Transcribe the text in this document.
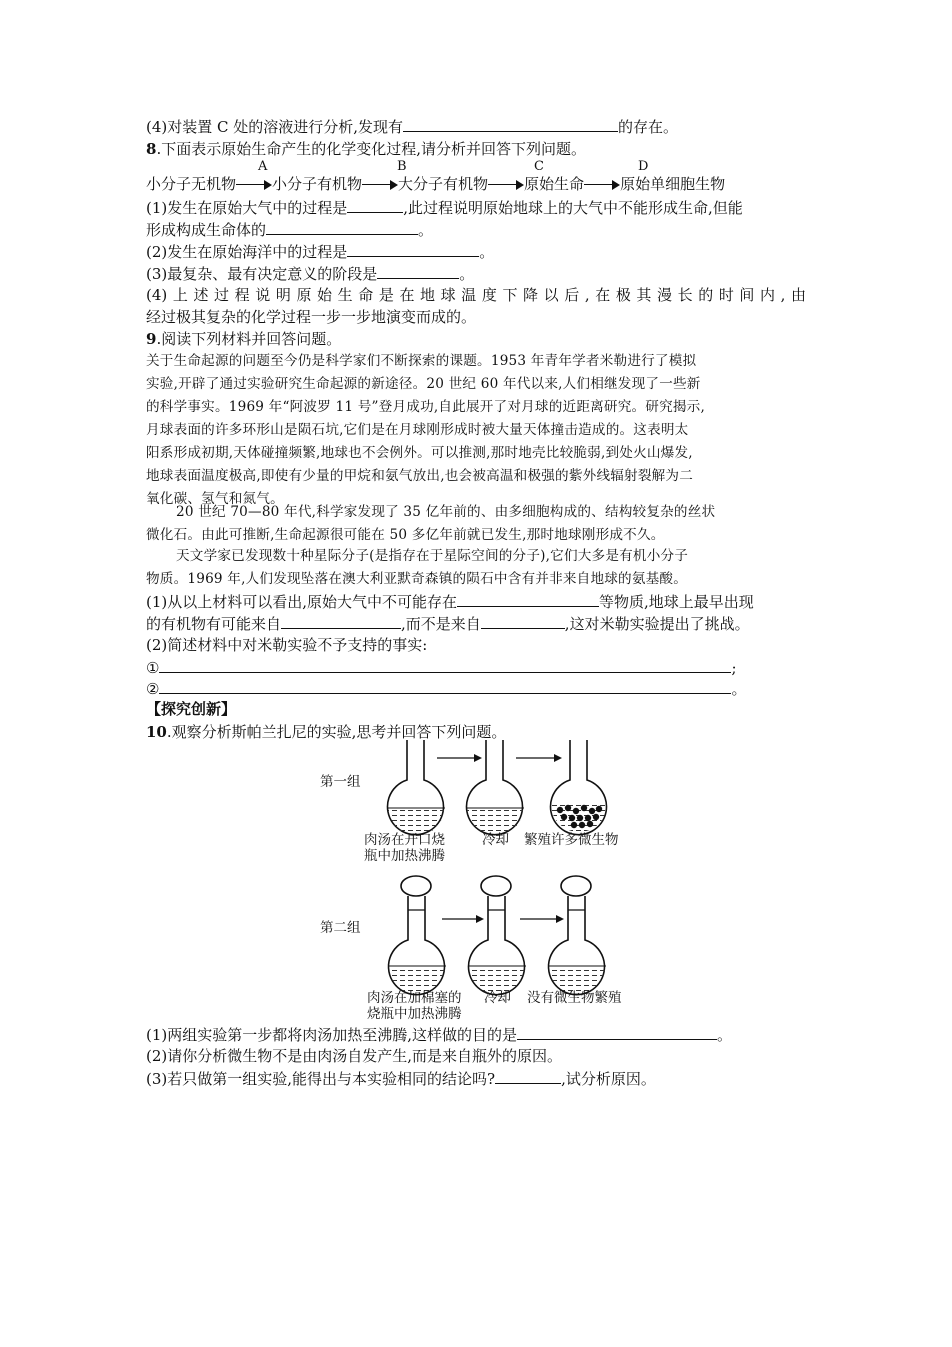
(4)对装置 C 处的溶液进行分析,发现有	的存在。
8.下面表示原始生命产生的化学变化过程,请分析并回答下列问题。
A	B	C	D
小分子无机物 小分子有机物 大分子有机物 原始生命 原始单细胞生物
(1)发生在原始大气中的过程是	,此过程说明原始地球上的大气中不能形成生命,但能
形成构成生命体的	。
(2)发生在原始海洋中的过程是	。
(3)最复杂、最有决定意义的阶段是	。
(4)上述过程说明原始生命是在地球温度下降以后,在极其漫长的时间内,由
经过极其复杂的化学过程一步一步地演变而成的。
9.阅读下列材料并回答问题。
关于生命起源的问题至今仍是科学家们不断探索的课题。1953 年青年学者米勒进行了模拟
实验,开辟了通过实验研究生命起源的新途径。20 世纪 60 年代以来,人们相继发现了一些新
的科学事实。1969 年“阿波罗 11 号”登月成功,自此展开了对月球的近距离研究。研究揭示,
月球表面的许多环形山是陨石坑,它们是在月球刚形成时被大量天体撞击造成的。这表明太
阳系形成初期,天体碰撞频繁,地球也不会例外。可以推测,那时地壳比较脆弱,到处火山爆发,
地球表面温度极高,即使有少量的甲烷和氨气放出,也会被高温和极强的紫外线辐射裂解为二
氧化碳、氢气和氮气。
20 世纪 70—80 年代,科学家发现了 35 亿年前的、由多细胞构成的、结构较复杂的丝状
微化石。由此可推断,生命起源很可能在 50 多亿年前就已发生,那时地球刚形成不久。
天文学家已发现数十种星际分子(是指存在于星际空间的分子),它们大多是有机小分子
物质。1969 年,人们发现坠落在澳大利亚默奇森镇的陨石中含有并非来自地球的氨基酸。
(1)从以上材料可以看出,原始大气中不可能存在	等物质,地球上最早出现
的有机物有可能来自	,而不是来自	,这对米勒实验提出了挑战。
(2)简述材料中对米勒实验不予支持的事实:
①	;
②	。
【探究创新】
10.观察分析斯帕兰扎尼的实验,思考并回答下列问题。
第一组
肉汤在开口烧
瓶中加热沸腾
冷却 繁殖许多微生物
第二组
肉汤在加棉塞的
烧瓶中加热沸腾
冷却 没有微生物繁殖
(1)两组实验第一步都将肉汤加热至沸腾,这样做的目的是	。
(2)请你分析微生物不是由肉汤自发产生,而是来自瓶外的原因。
(3)若只做第一组实验,能得出与本实验相同的结论吗?	,试分析原因。
